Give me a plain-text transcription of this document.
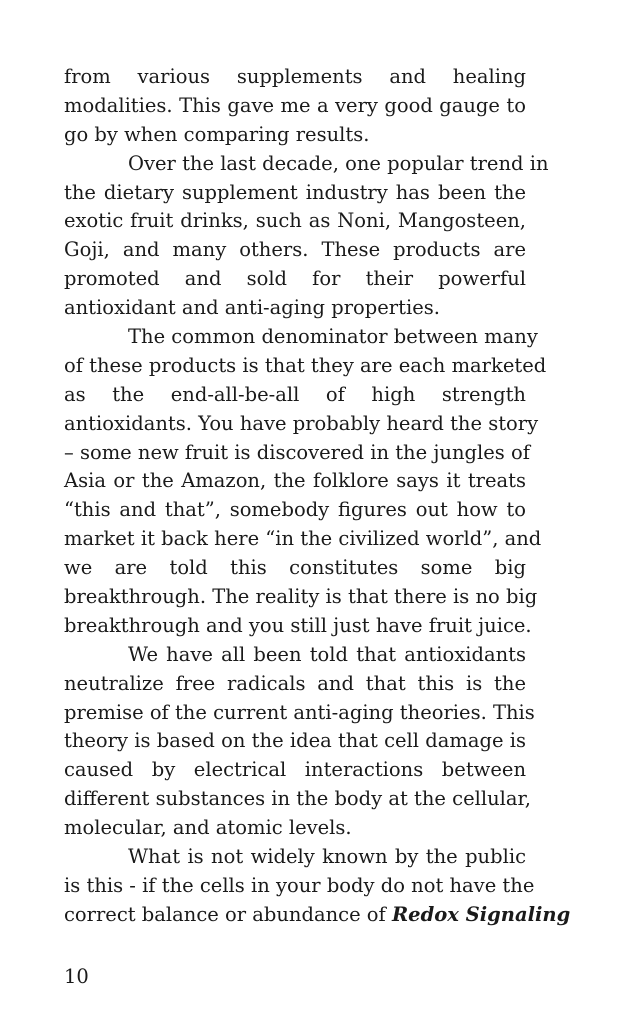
from various supplements and healing
modalities. This gave me a very good gauge to
go by when comparing results.
Over the last decade, one popular trend in
the dietary supplement industry has been the
exotic fruit drinks, such as Noni, Mangosteen,
Goji, and many others. These products are
promoted and sold for their powerful
antioxidant and anti-aging properties.
The common denominator between many
of these products is that they are each marketed
as the end-all-be-all of high strength
antioxidants. You have probably heard the story
– some new fruit is discovered in the jungles of
Asia or the Amazon, the folklore says it treats
“this and that”, somebody figures out how to
market it back here “in the civilized world”, and
we are told this constitutes some big
breakthrough. The reality is that there is no big
breakthrough and you still just have fruit juice.
We have all been told that antioxidants
neutralize free radicals and that this is the
premise of the current anti-aging theories. This
theory is based on the idea that cell damage is
caused by electrical interactions between
different substances in the body at the cellular,
molecular, and atomic levels.
What is not widely known by the public
is this - if the cells in your body do not have the
correct balance or abundance of Redox Signaling
10
